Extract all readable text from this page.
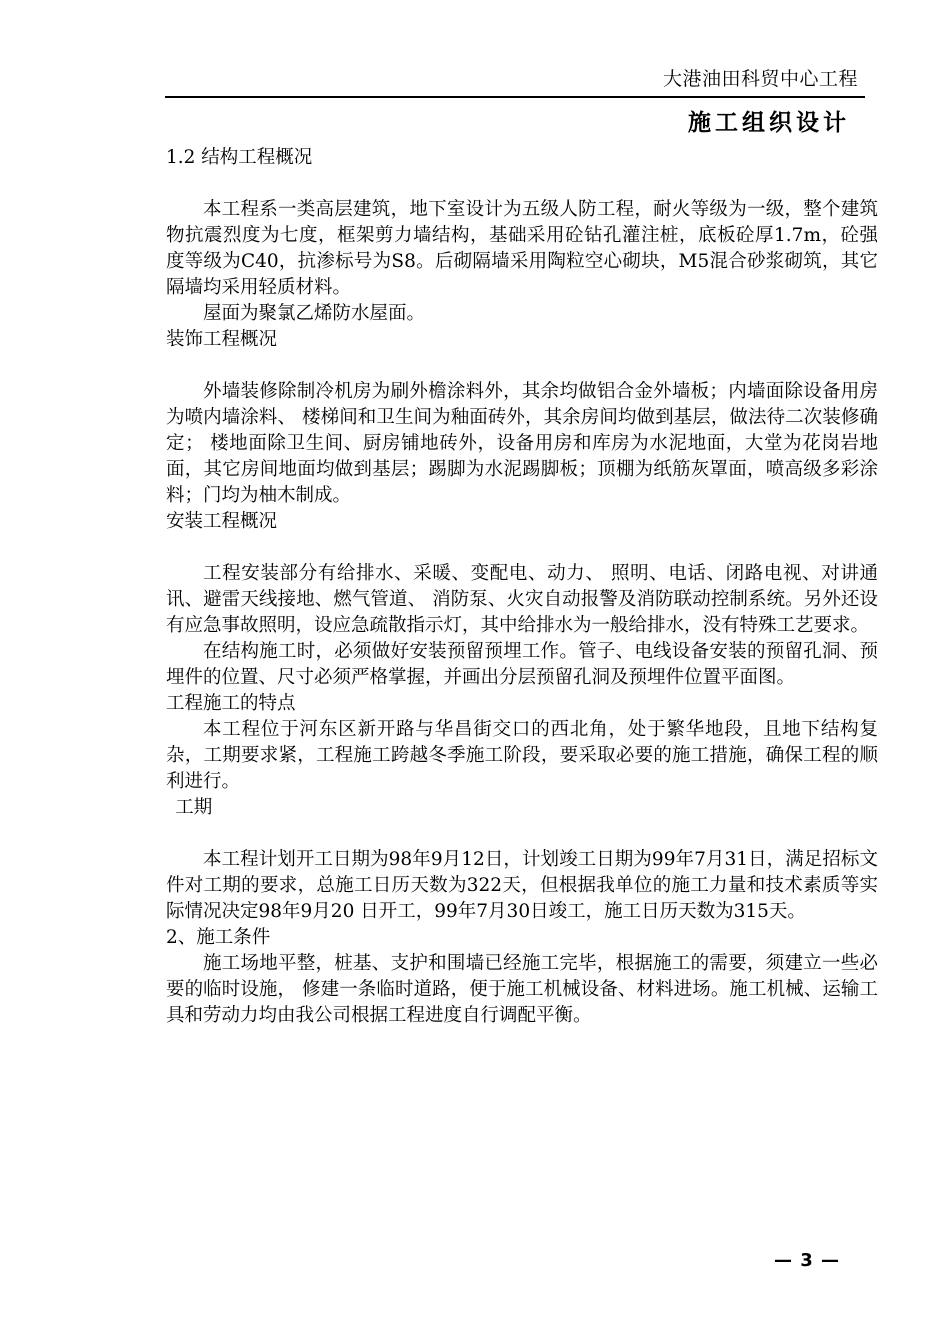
大港油田科贸中心工程
施工组织设计

1.2 结构工程概况

本工程系一类高层建筑，地下室设计为五级人防工程，耐火等级为一级，整个建筑物抗震烈度为七度，框架剪力墙结构，基础采用砼钻孔灌注桩，底板砼厚1.7m，砼强度等级为C40，抗渗标号为S8。后砌隔墙采用陶粒空心砌块，M5混合砂浆砌筑，其它隔墙均采用轻质材料。

屋面为聚氯乙烯防水屋面。

装饰工程概况

外墙装修除制冷机房为刷外檐涂料外，其余均做铝合金外墙板；内墙面除设备用房为喷内墙涂料、 楼梯间和卫生间为釉面砖外，其余房间均做到基层，做法待二次装修确定； 楼地面除卫生间、厨房铺地砖外，设备用房和库房为水泥地面，大堂为花岗岩地面，其它房间地面均做到基层；踢脚为水泥踢脚板；顶棚为纸筋灰罩面，喷高级多彩涂料；门均为柚木制成。

安装工程概况

工程安装部分有给排水、采暖、变配电、动力、 照明、电话、闭路电视、对讲通讯、避雷天线接地、燃气管道、 消防泵、火灾自动报警及消防联动控制系统。另外还设有应急事故照明，设应急疏散指示灯，其中给排水为一般给排水，没有特殊工艺要求。

在结构施工时，必须做好安装预留预埋工作。管子、电线设备安装的预留孔洞、预埋件的位置、尺寸必须严格掌握，并画出分层预留孔洞及预埋件位置平面图。

工程施工的特点

本工程位于河东区新开路与华昌街交口的西北角，处于繁华地段，且地下结构复杂，工期要求紧，工程施工跨越冬季施工阶段，要采取必要的施工措施，确保工程的顺利进行。

工期

本工程计划开工日期为98年9月12日，计划竣工日期为99年7月31日，满足招标文件对工期的要求，总施工日历天数为322天，但根据我单位的施工力量和技术素质等实际情况决定98年9月20 日开工，99年7月30日竣工，施工日历天数为315天。

2、施工条件

施工场地平整，桩基、支护和围墙已经施工完毕，根据施工的需要，须建立一些必要的临时设施， 修建一条临时道路，便于施工机械设备、材料进场。施工机械、运输工具和劳动力均由我公司根据工程进度自行调配平衡。

— 3 —
